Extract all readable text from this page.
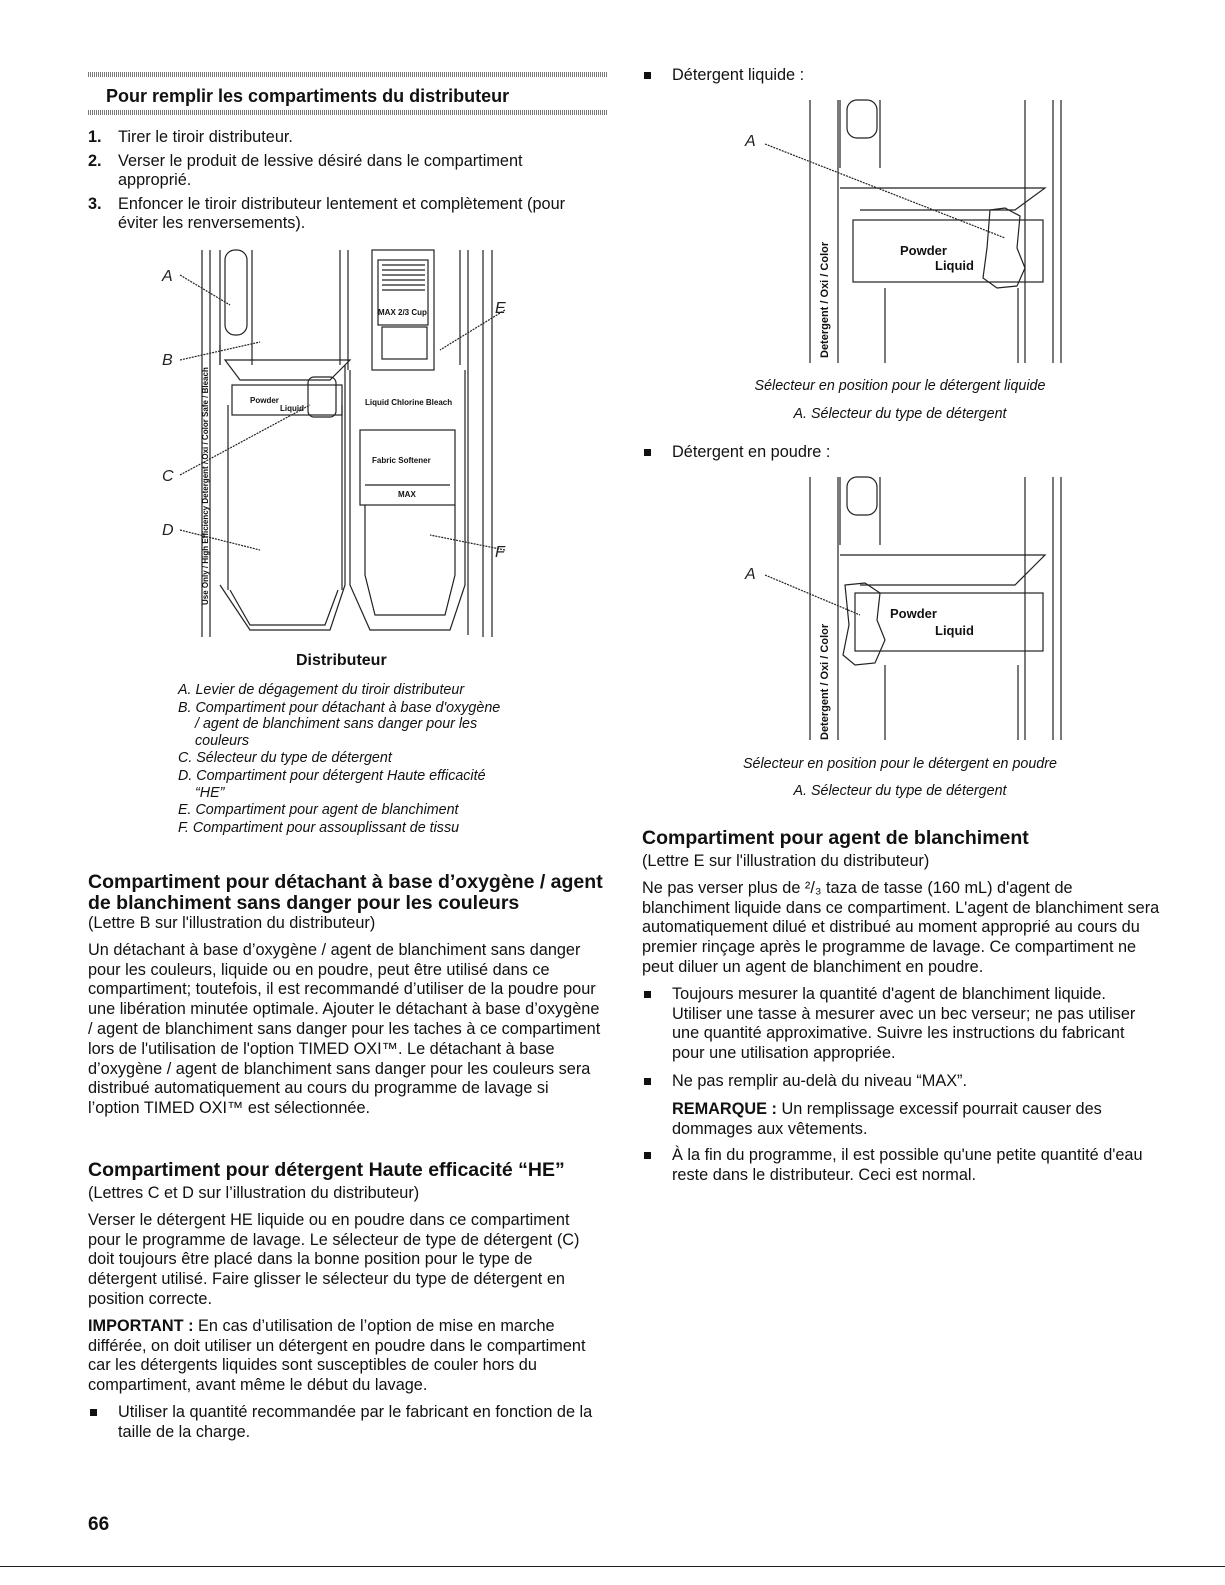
Pour remplir les compartiments du distributeur
1. Tirer le tiroir distributeur.
2. Verser le produit de lessive désiré dans le compartiment approprié.
3. Enfoncer le tiroir distributeur lentement et complètement (pour éviter les renversements).
Use Only / High Efficiency Detergent / Oxi / Color Safe / Bleach
MAX 2/3 Cup
Liquid Chlorine Bleach
Fabric Softener
MAX
Powder
Liquid
A
B
C
D
E
F
Distributeur
A. Levier de dégagement du tiroir distributeur
B. Compartiment pour détachant à base d'oxygène / agent de blanchiment sans danger pour les couleurs
C. Sélecteur du type de détergent
D. Compartiment pour détergent Haute efficacité “HE”
E. Compartiment pour agent de blanchiment
F. Compartiment pour assouplissant de tissu
Compartiment pour détachant à base d’oxygène / agent de blanchiment sans danger pour les couleurs

(Lettre B sur l'illustration du distributeur)

Un détachant à base d’oxygène / agent de blanchiment sans danger pour les couleurs, liquide ou en poudre, peut être utilisé dans ce compartiment; toutefois, il est recommandé d’utiliser de la poudre pour une libération minutée optimale. Ajouter le détachant à base d’oxygène / agent de blanchiment sans danger pour les taches à ce compartiment lors de l'utilisation de l'option TIMED OXI™. Le détachant à base d’oxygène / agent de blanchiment sans danger pour les couleurs sera distribué automatiquement au cours du programme de lavage si l’option TIMED OXI™ est sélectionnée.

Compartiment pour détergent Haute efficacité “HE”

(Lettres C et D sur l’illustration du distributeur)

Verser le détergent HE liquide ou en poudre dans ce compartiment pour le programme de lavage. Le sélecteur de type de détergent (C) doit toujours être placé dans la bonne position pour le type de détergent utilisé. Faire glisser le sélecteur du type de détergent en position correcte.

IMPORTANT : En cas d’utilisation de l’option de mise en marche différée, on doit utiliser un détergent en poudre dans le compartiment car les détergents liquides sont susceptibles de couler hors du compartiment, avant même le début du lavage.

Utiliser la quantité recommandée par le fabricant en fonction de la taille de la charge.
Détergent liquide :
Detergent / Oxi / Color	Powder
Liquid
A
Sélecteur en position pour le détergent liquide
A. Sélecteur du type de détergent
Détergent en poudre :
Detergent / Oxi / Color
Powder
Liquid
A
Sélecteur en position pour le détergent en poudre
A. Sélecteur du type de détergent
Compartiment pour agent de blanchiment

(Lettre E sur l'illustration du distributeur)

Ne pas verser plus de ²/₃ taza de tasse (160 mL) d'agent de blanchiment liquide dans ce compartiment. L'agent de blanchiment sera automatiquement dilué et distribué au moment approprié au cours du premier rinçage après le programme de lavage. Ce compartiment ne peut diluer un agent de blanchiment en poudre.

Toujours mesurer la quantité d'agent de blanchiment liquide. Utiliser une tasse à mesurer avec un bec verseur; ne pas utiliser une quantité approximative. Suivre les instructions du fabricant pour une utilisation appropriée.
Ne pas remplir au-delà du niveau “MAX”.

REMARQUE : Un remplissage excessif pourrait causer des dommages aux vêtements.

À la fin du programme, il est possible qu'une petite quantité d'eau reste dans le distributeur. Ceci est normal.
66
